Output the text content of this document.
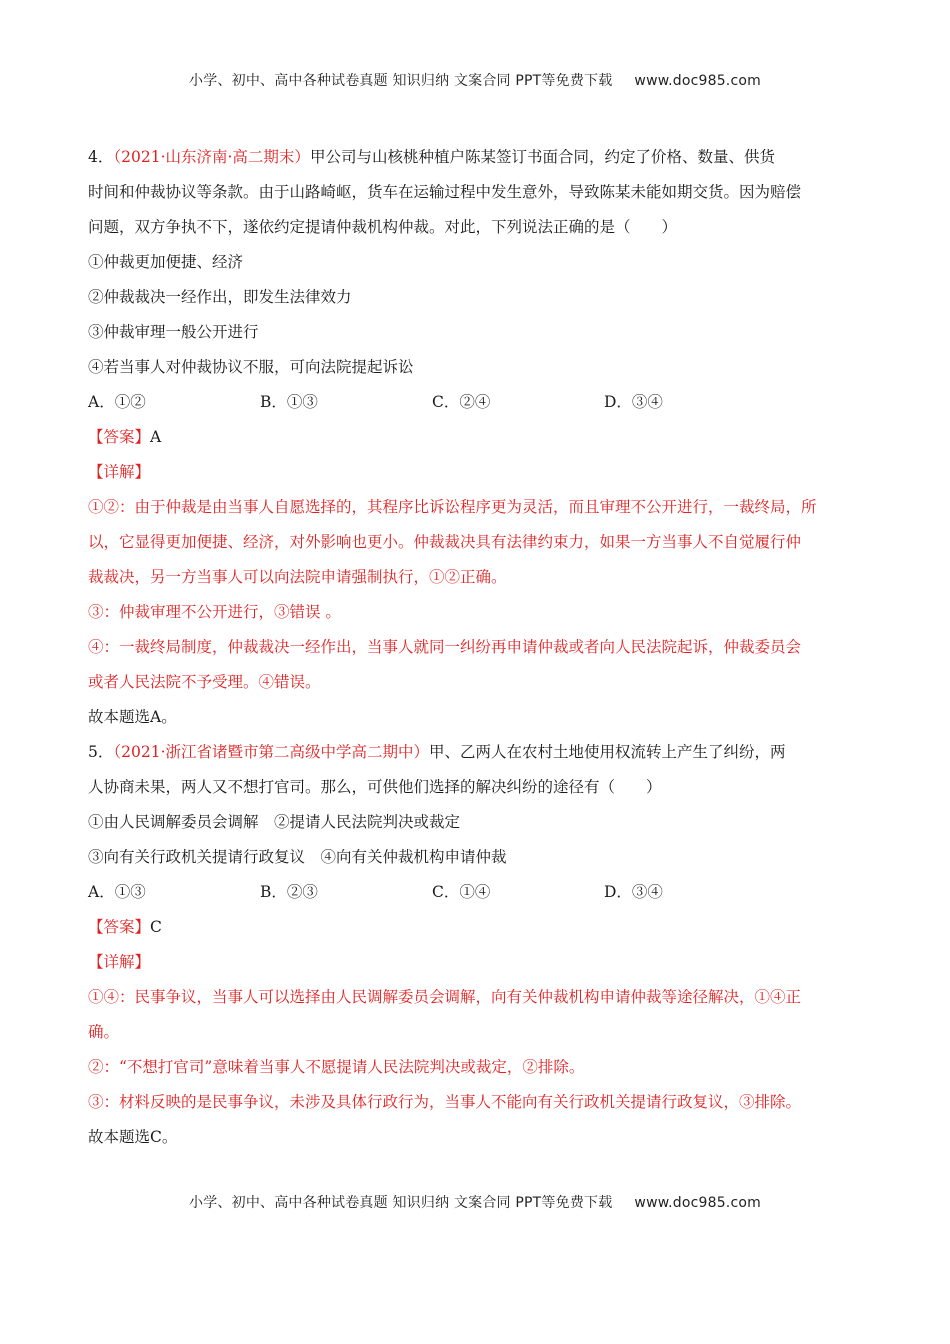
小学、初中、高中各种试卷真题 知识归纳 文案合同 PPT等免费下载 www.doc985.com
4．（2021·山东济南·高二期末）甲公司与山核桃种植户陈某签订书面合同，约定了价格、数量、供货
时间和仲裁协议等条款。由于山路崎岖，货车在运输过程中发生意外，导致陈某未能如期交货。因为赔偿
问题，双方争执不下，遂依约定提请仲裁机构仲裁。对此，下列说法正确的是（　　）
①仲裁更加便捷、经济
②仲裁裁决一经作出，即发生法律效力
③仲裁审理一般公开进行
④若当事人对仲裁协议不服，可向法院提起诉讼
A．①②	B．①③	C．②④	D．③④
【答案】A
【详解】
①②：由于仲裁是由当事人自愿选择的，其程序比诉讼程序更为灵活，而且审理不公开进行，一裁终局，所
以，它显得更加便捷、经济，对外影响也更小。仲裁裁决具有法律约束力，如果一方当事人不自觉履行仲
裁裁决，另一方当事人可以向法院申请强制执行，①②正确。
③：仲裁审理不公开进行，③错误 。
④：一裁终局制度，仲裁裁决一经作出，当事人就同一纠纷再申请仲裁或者向人民法院起诉，仲裁委员会
或者人民法院不予受理。④错误。
故本题选A。
5．（2021·浙江省诸暨市第二高级中学高二期中）甲、乙两人在农村土地使用权流转上产生了纠纷，两
人协商未果，两人又不想打官司。那么，可供他们选择的解决纠纷的途径有（　　）
①由人民调解委员会调解　②提请人民法院判决或裁定
③向有关行政机关提请行政复议　④向有关仲裁机构申请仲裁
A．①③	B．②③	C．①④	D．③④
【答案】C
【详解】
①④：民事争议，当事人可以选择由人民调解委员会调解，向有关仲裁机构申请仲裁等途径解决，①④正
确。
②：“不想打官司”意味着当事人不愿提请人民法院判决或裁定，②排除。
③：材料反映的是民事争议，未涉及具体行政行为，当事人不能向有关行政机关提请行政复议，③排除。
故本题选C。
小学、初中、高中各种试卷真题 知识归纳 文案合同 PPT等免费下载 www.doc985.com
